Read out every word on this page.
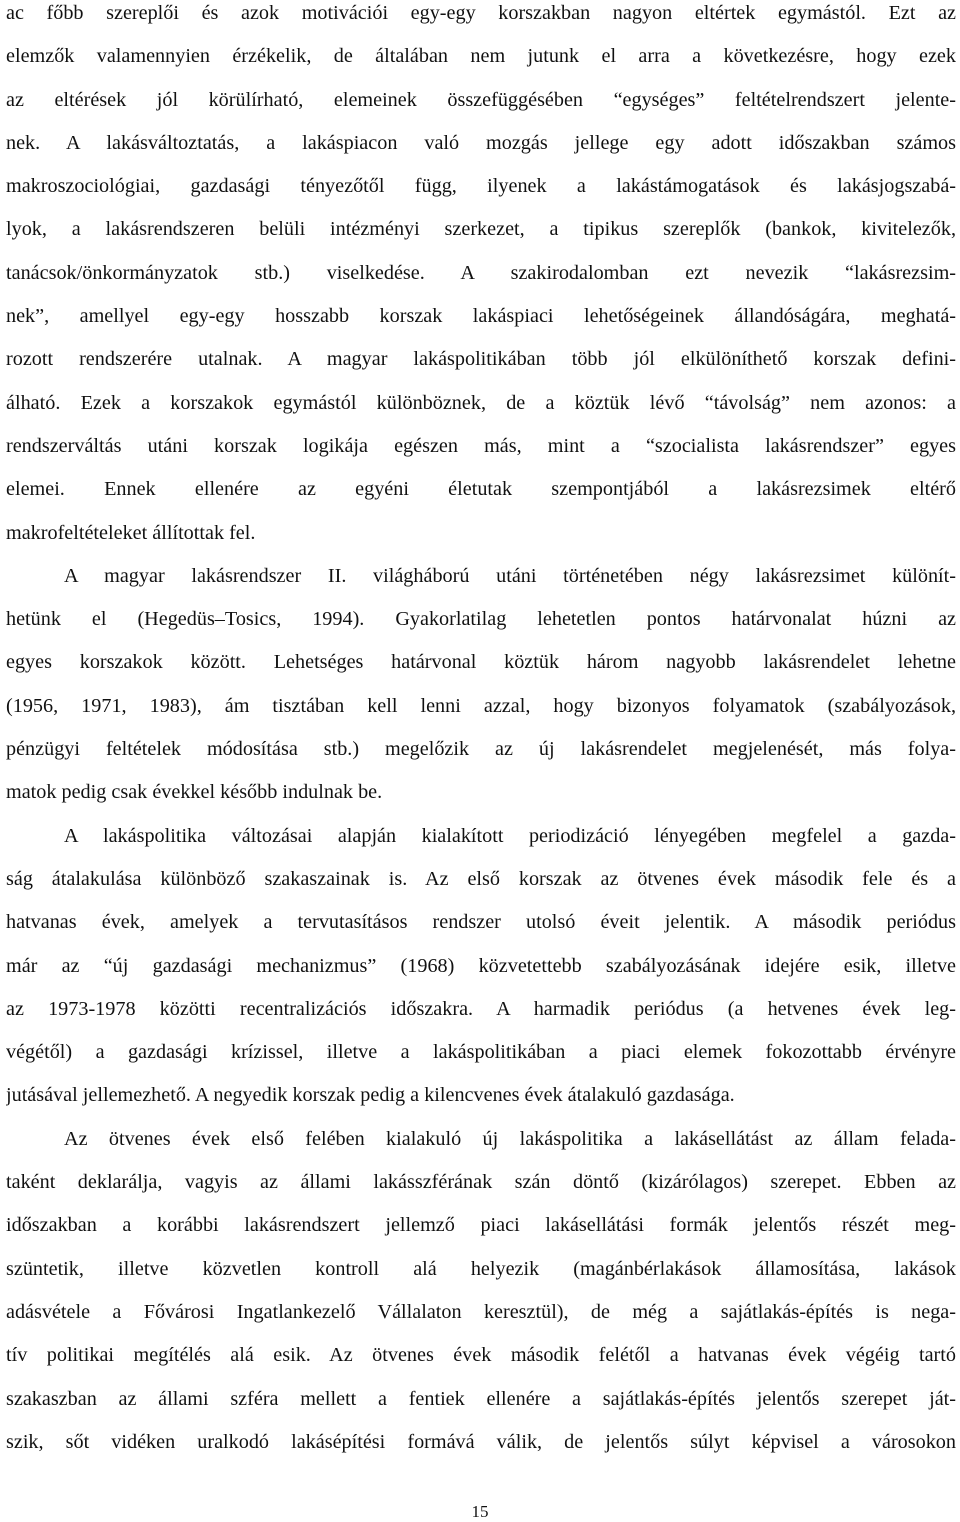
ac főbb szereplői és azok motivációi egy-egy korszakban nagyon eltértek egymástól. Ezt az
elemzők valamennyien érzékelik, de általában nem jutunk el arra a következésre, hogy ezek
az eltérések jól körülírható, elemeinek összefüggésében “egységes” feltételrendszert jelente-
nek. A lakásváltoztatás, a lakáspiacon való mozgás jellege egy adott időszakban számos
makroszociológiai, gazdasági tényezőtől függ, ilyenek a lakástámogatások és lakásjogszabá-
lyok, a lakásrendszeren belüli intézményi szerkezet, a tipikus szereplők (bankok, kivitelezők,
tanácsok/önkormányzatok stb.) viselkedése. A szakirodalomban ezt nevezik “lakásrezsim-
nek”, amellyel egy-egy hosszabb korszak lakáspiaci lehetőségeinek állandóságára, meghatá-
rozott rendszerére utalnak. A magyar lakáspolitikában több jól elkülöníthető korszak defini-
álható. Ezek a korszakok egymástól különböznek, de a köztük lévő “távolság” nem azonos: a
rendszerváltás utáni korszak logikája egészen más, mint a “szocialista lakásrendszer” egyes
elemei. Ennek ellenére az egyéni életutak szempontjából a lakásrezsimek eltérő
makrofeltételeket állítottak fel.
A magyar lakásrendszer II. világháború utáni történetében négy lakásrezsimet különít-
hetünk el (Hegedüs–Tosics, 1994). Gyakorlatilag lehetetlen pontos határvonalat húzni az
egyes korszakok között. Lehetséges határvonal köztük három nagyobb lakásrendelet lehetne
(1956, 1971, 1983), ám tisztában kell lenni azzal, hogy bizonyos folyamatok (szabályozások,
pénzügyi feltételek módosítása stb.) megelőzik az új lakásrendelet megjelenését, más folya-
matok pedig csak évekkel később indulnak be.
A lakáspolitika változásai alapján kialakított periodizáció lényegében megfelel a gazda-
ság átalakulása különböző szakaszainak is. Az első korszak az ötvenes évek második fele és a
hatvanas évek, amelyek a tervutasításos rendszer utolsó éveit jelentik. A második periódus
már az “új gazdasági mechanizmus” (1968) közvetettebb szabályozásának idejére esik, illetve
az 1973-1978 közötti recentralizációs időszakra. A harmadik periódus (a hetvenes évek leg-
végétől) a gazdasági krízissel, illetve a lakáspolitikában a piaci elemek fokozottabb érvényre
jutásával jellemezhető. A negyedik korszak pedig a kilencvenes évek átalakuló gazdasága.
Az ötvenes évek első felében kialakuló új lakáspolitika a lakásellátást az állam felada-
taként deklarálja, vagyis az állami lakásszférának szán döntő (kizárólagos) szerepet. Ebben az
időszakban a korábbi lakásrendszert jellemző piaci lakásellátási formák jelentős részét meg-
szüntetik, illetve közvetlen kontroll alá helyezik (magánbérlakások államosítása, lakások
adásvétele a Fővárosi Ingatlankezelő Vállalaton keresztül), de még a sajátlakás-építés is nega-
tív politikai megítélés alá esik. Az ötvenes évek második felétől a hatvanas évek végéig tartó
szakaszban az állami szféra mellett a fentiek ellenére a sajátlakás-építés jelentős szerepet ját-
szik, sőt vidéken uralkodó lakásépítési formává válik, de jelentős súlyt képvisel a városokon
15
